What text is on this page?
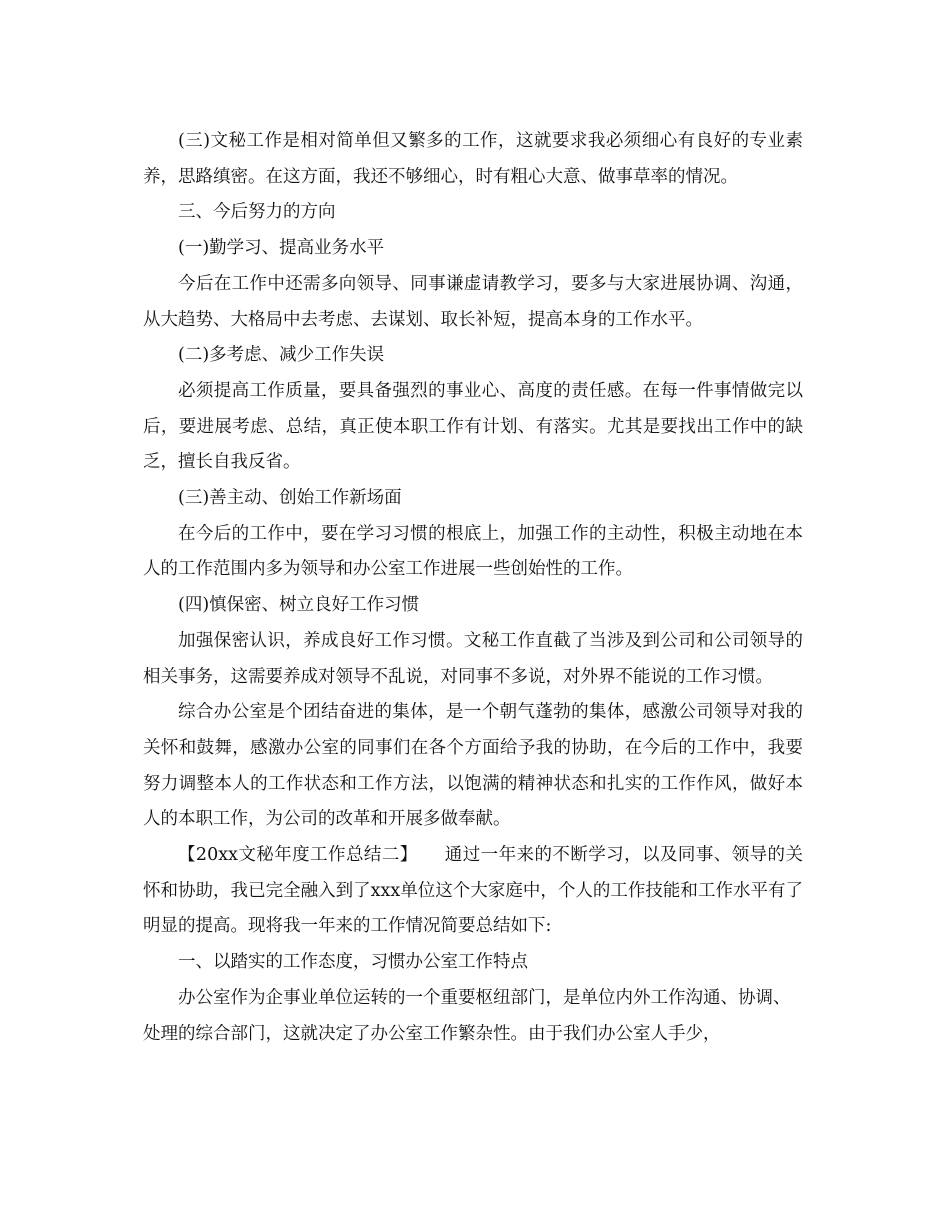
(三)文秘工作是相对简单但又繁多的工作，这就要求我必须细心有良好的专业素养，思路缜密。在这方面，我还不够细心，时有粗心大意、做事草率的情况。

三、今后努力的方向

(一)勤学习、提高业务水平

今后在工作中还需多向领导、同事谦虚请教学习，要多与大家进展协调、沟通，从大趋势、大格局中去考虑、去谋划、取长补短，提高本身的工作水平。

(二)多考虑、减少工作失误

必须提高工作质量，要具备强烈的事业心、高度的责任感。在每一件事情做完以后，要进展考虑、总结，真正使本职工作有计划、有落实。尤其是要找出工作中的缺乏，擅长自我反省。

(三)善主动、创始工作新场面

在今后的工作中，要在学习习惯的根底上，加强工作的主动性，积极主动地在本人的工作范围内多为领导和办公室工作进展一些创始性的工作。

(四)慎保密、树立良好工作习惯

加强保密认识，养成良好工作习惯。文秘工作直截了当涉及到公司和公司领导的相关事务，这需要养成对领导不乱说，对同事不多说，对外界不能说的工作习惯。

综合办公室是个团结奋进的集体，是一个朝气蓬勃的集体，感激公司领导对我的关怀和鼓舞，感激办公室的同事们在各个方面给予我的协助，在今后的工作中，我要努力调整本人的工作状态和工作方法，以饱满的精神状态和扎实的工作作风，做好本人的本职工作，为公司的改革和开展多做奉献。

【20xx文秘年度工作总结二】　　通过一年来的不断学习，以及同事、领导的关怀和协助，我已完全融入到了xxx单位这个大家庭中，个人的工作技能和工作水平有了明显的提高。现将我一年来的工作情况简要总结如下:

一、以踏实的工作态度，习惯办公室工作特点

办公室作为企事业单位运转的一个重要枢纽部门，是单位内外工作沟通、协调、处理的综合部门，这就决定了办公室工作繁杂性。由于我们办公室人手少，
